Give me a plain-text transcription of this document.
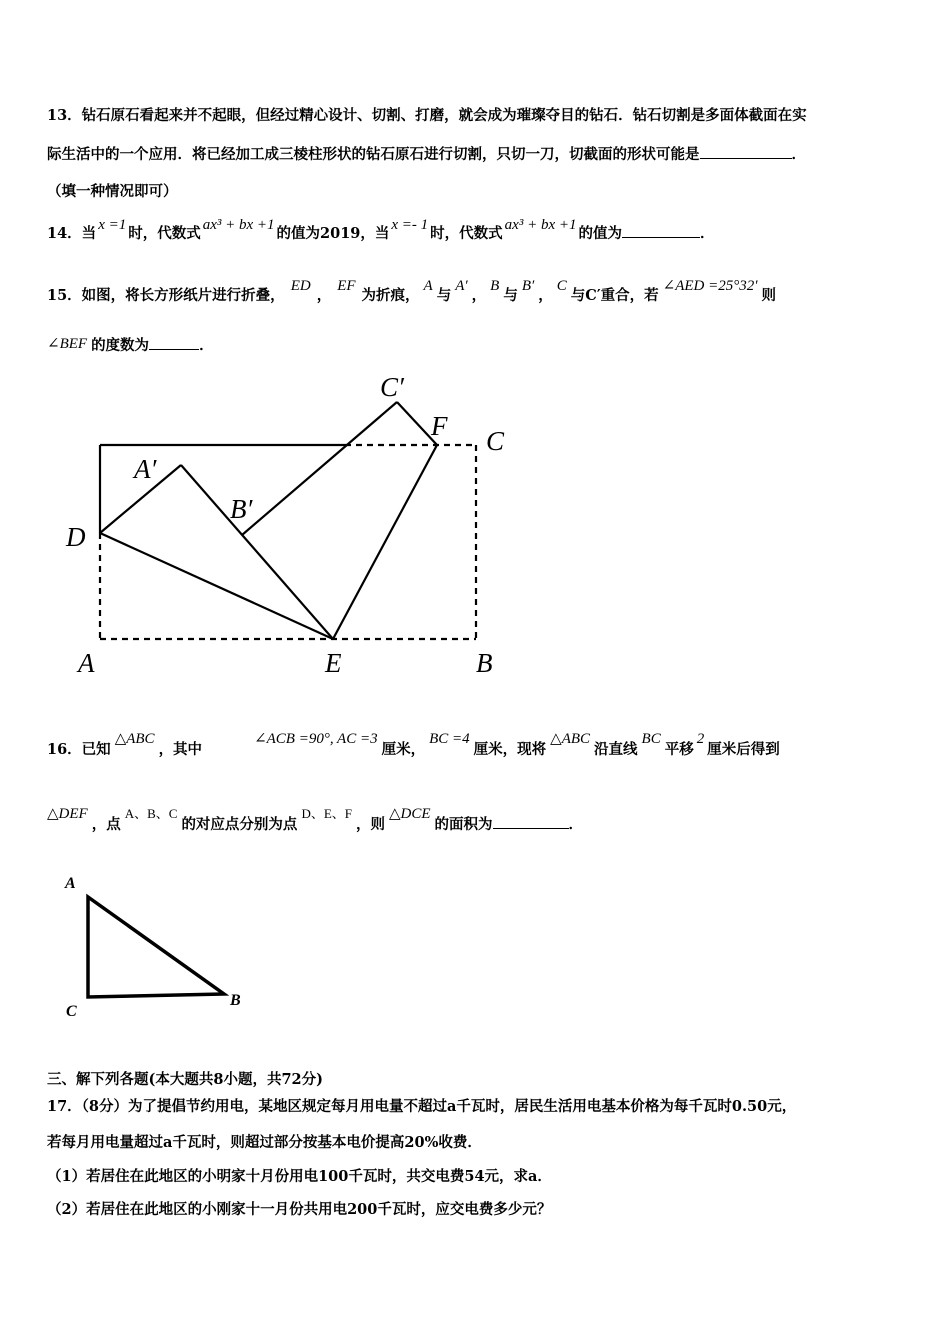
13．钻石原石看起来并不起眼，但经过精心设计、切割、打磨，就会成为璀璨夺目的钻石．钻石切割是多面体截面在实
际生活中的一个应用．将已经加工成三棱柱形状的钻石原石进行切割，只切一刀，切截面的形状可能是	．
（填一种情况即可）
14．当 x =1 时，代数式 ax³ + bx +1 的值为2019，当 x =- 1 时，代数式 ax³ + bx +1 的值为	．
15．如图，将长方形纸片进行折叠，ED，EF为折痕，A与A′，B与B′，C与C′重合，若∠AED =25°32′则
∠BEF 的度数为	．
C′
F C
A′
B′
D
A	E	B
16．已知△ABC，其中∠ACB =90°, AC =3厘米，BC =4厘米，现将△ABC沿直线BC平移2厘米后得到
△DEF，点A、B、C的对应点分别为点D、E、F，则△DCE的面积为	．
A
C
B
三、解下列各题(本大题共8小题，共72分)
17．（8分）为了提倡节约用电，某地区规定每月用电量不超过a千瓦时，居民生活用电基本价格为每千瓦时0.50元，
若每月用电量超过a千瓦时，则超过部分按基本电价提高20%收费．
（1）若居住在此地区的小明家十月份用电100千瓦时，共交电费54元，求a．
（2）若居住在此地区的小刚家十一月份共用电200千瓦时，应交电费多少元？
